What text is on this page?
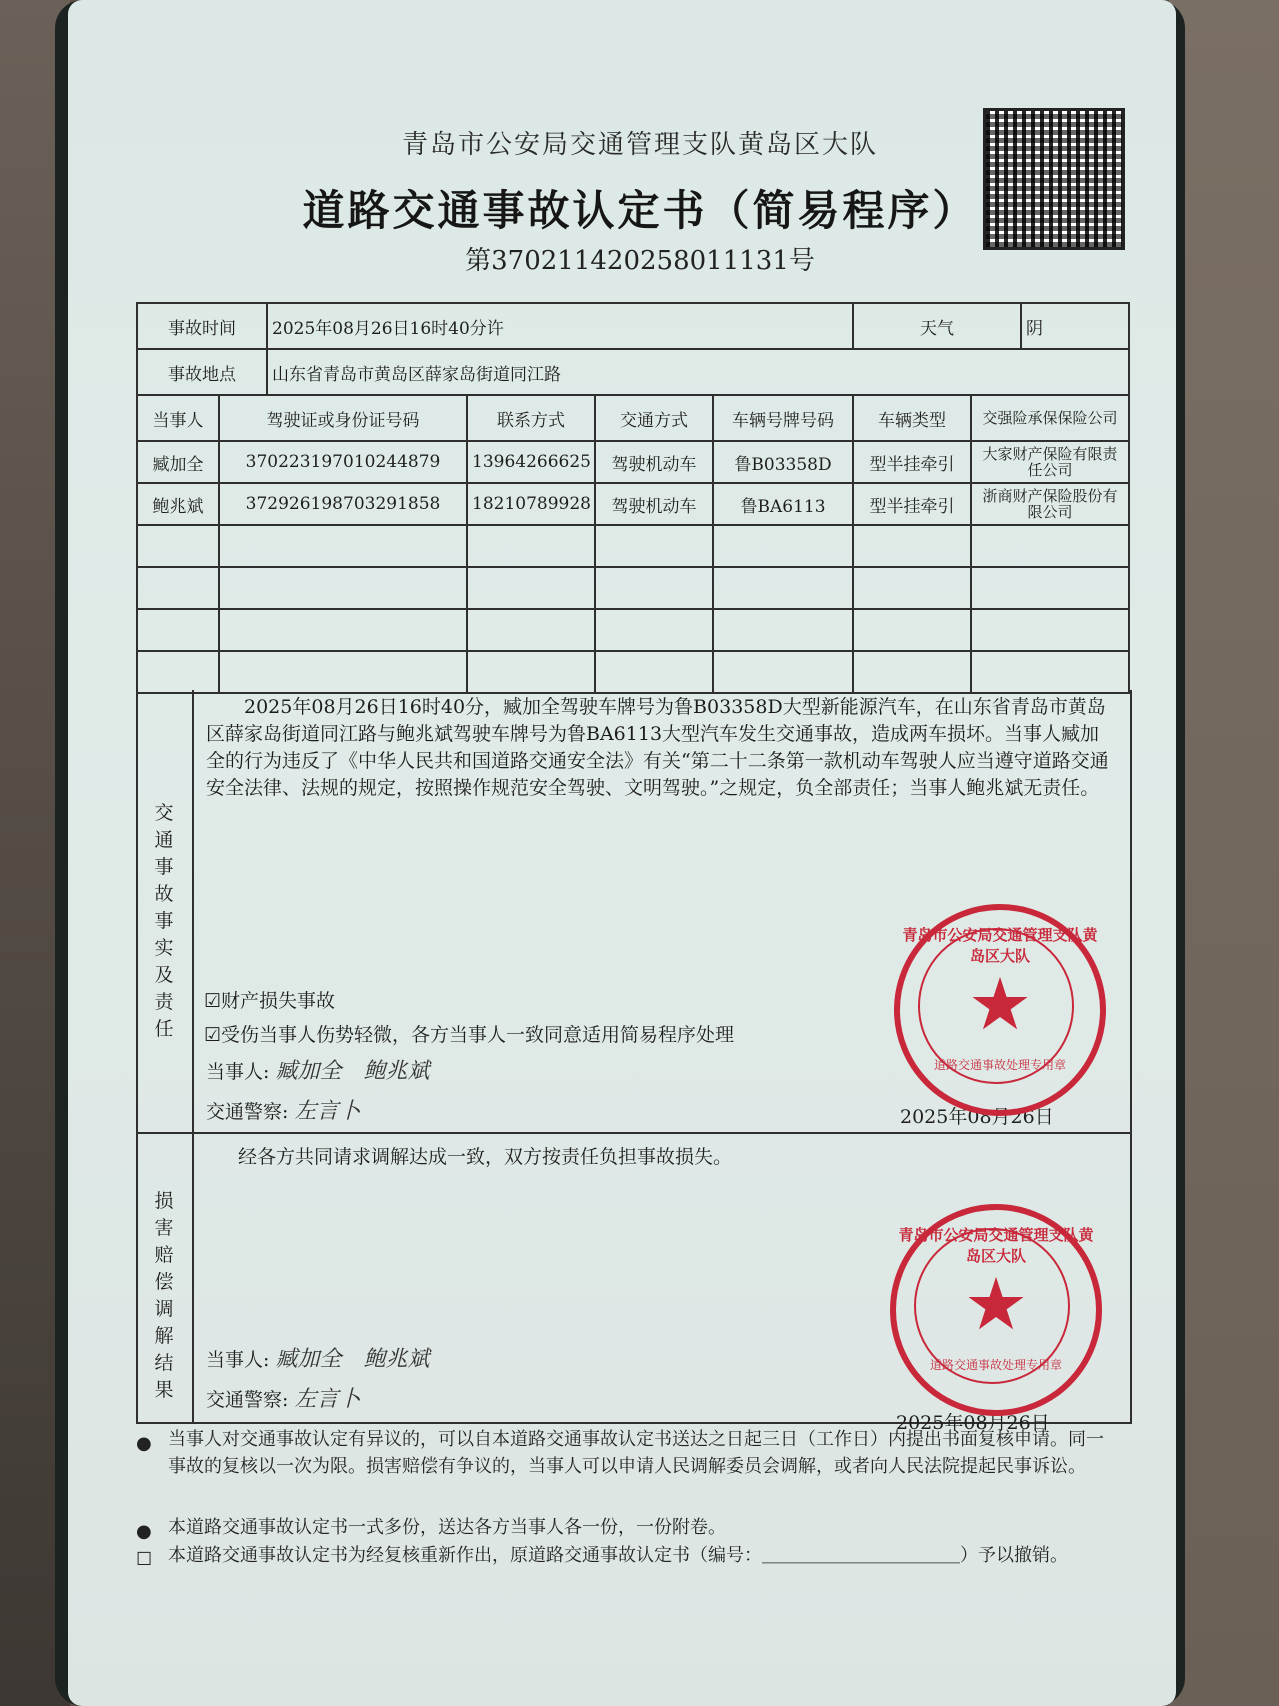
青岛市公安局交通管理支队黄岛区大队
道路交通事故认定书（简易程序）
第370211420258011131号
事故时间		2025年08月26日16时40分许				天气		阴
事故地点		山东省青岛市黄岛区薛家岛街道同江路						
当事人	驾驶证或身份证号码		联系方式	交通方式	车辆号牌号码	车辆类型	交强险承保保险公司	
臧加全	370223197010244879		13964266625	驾驶机动车	鲁B03358D	型半挂牵引	大家财产保险有限责任公司	
鲍兆斌	372926198703291858		18210789928	驾驶机动车	鲁BA6113	型半挂牵引	浙商财产保险股份有限公司	

交通事故事实及责任
2025年08月26日16时40分，臧加全驾驶车牌号为鲁B03358D大型新能源汽车，在山东省青岛市黄岛区薛家岛街道同江路与鲍兆斌驾驶车牌号为鲁BA6113大型汽车发生交通事故，造成两车损坏。当事人臧加全的行为违反了《中华人民共和国道路交通安全法》有关“第二十二条第一款机动车驾驶人应当遵守道路交通安全法律、法规的规定，按照操作规范安全驾驶、文明驾驶。”之规定，负全部责任；当事人鲍兆斌无责任。
☑财产损失事故
☑受伤当事人伤势轻微，各方当事人一致同意适用简易程序处理
当事人: 臧加全　鲍兆斌
交通警察: 左言卜	2025年08月26日
青岛市公安局交通管理支队黄岛区大队
★
道路交通事故处理专用章
损害赔偿调解结果
经各方共同请求调解达成一致，双方按责任负担事故损失。
当事人: 臧加全　鲍兆斌
交通警察: 左言卜
2025年08月26日
青岛市公安局交通管理支队黄岛区大队
★
道路交通事故处理专用章
● 当事人对交通事故认定有异议的，可以自本道路交通事故认定书送达之日起三日（工作日）内提出书面复核申请。同一事故的复核以一次为限。损害赔偿有争议的，当事人可以申请人民调解委员会调解，或者向人民法院提起民事诉讼。
● 本道路交通事故认定书一式多份，送达各方当事人各一份，一份附卷。
☐ 本道路交通事故认定书为经复核重新作出，原道路交通事故认定书（编号：＿＿＿＿＿＿＿＿＿＿＿）予以撤销。
